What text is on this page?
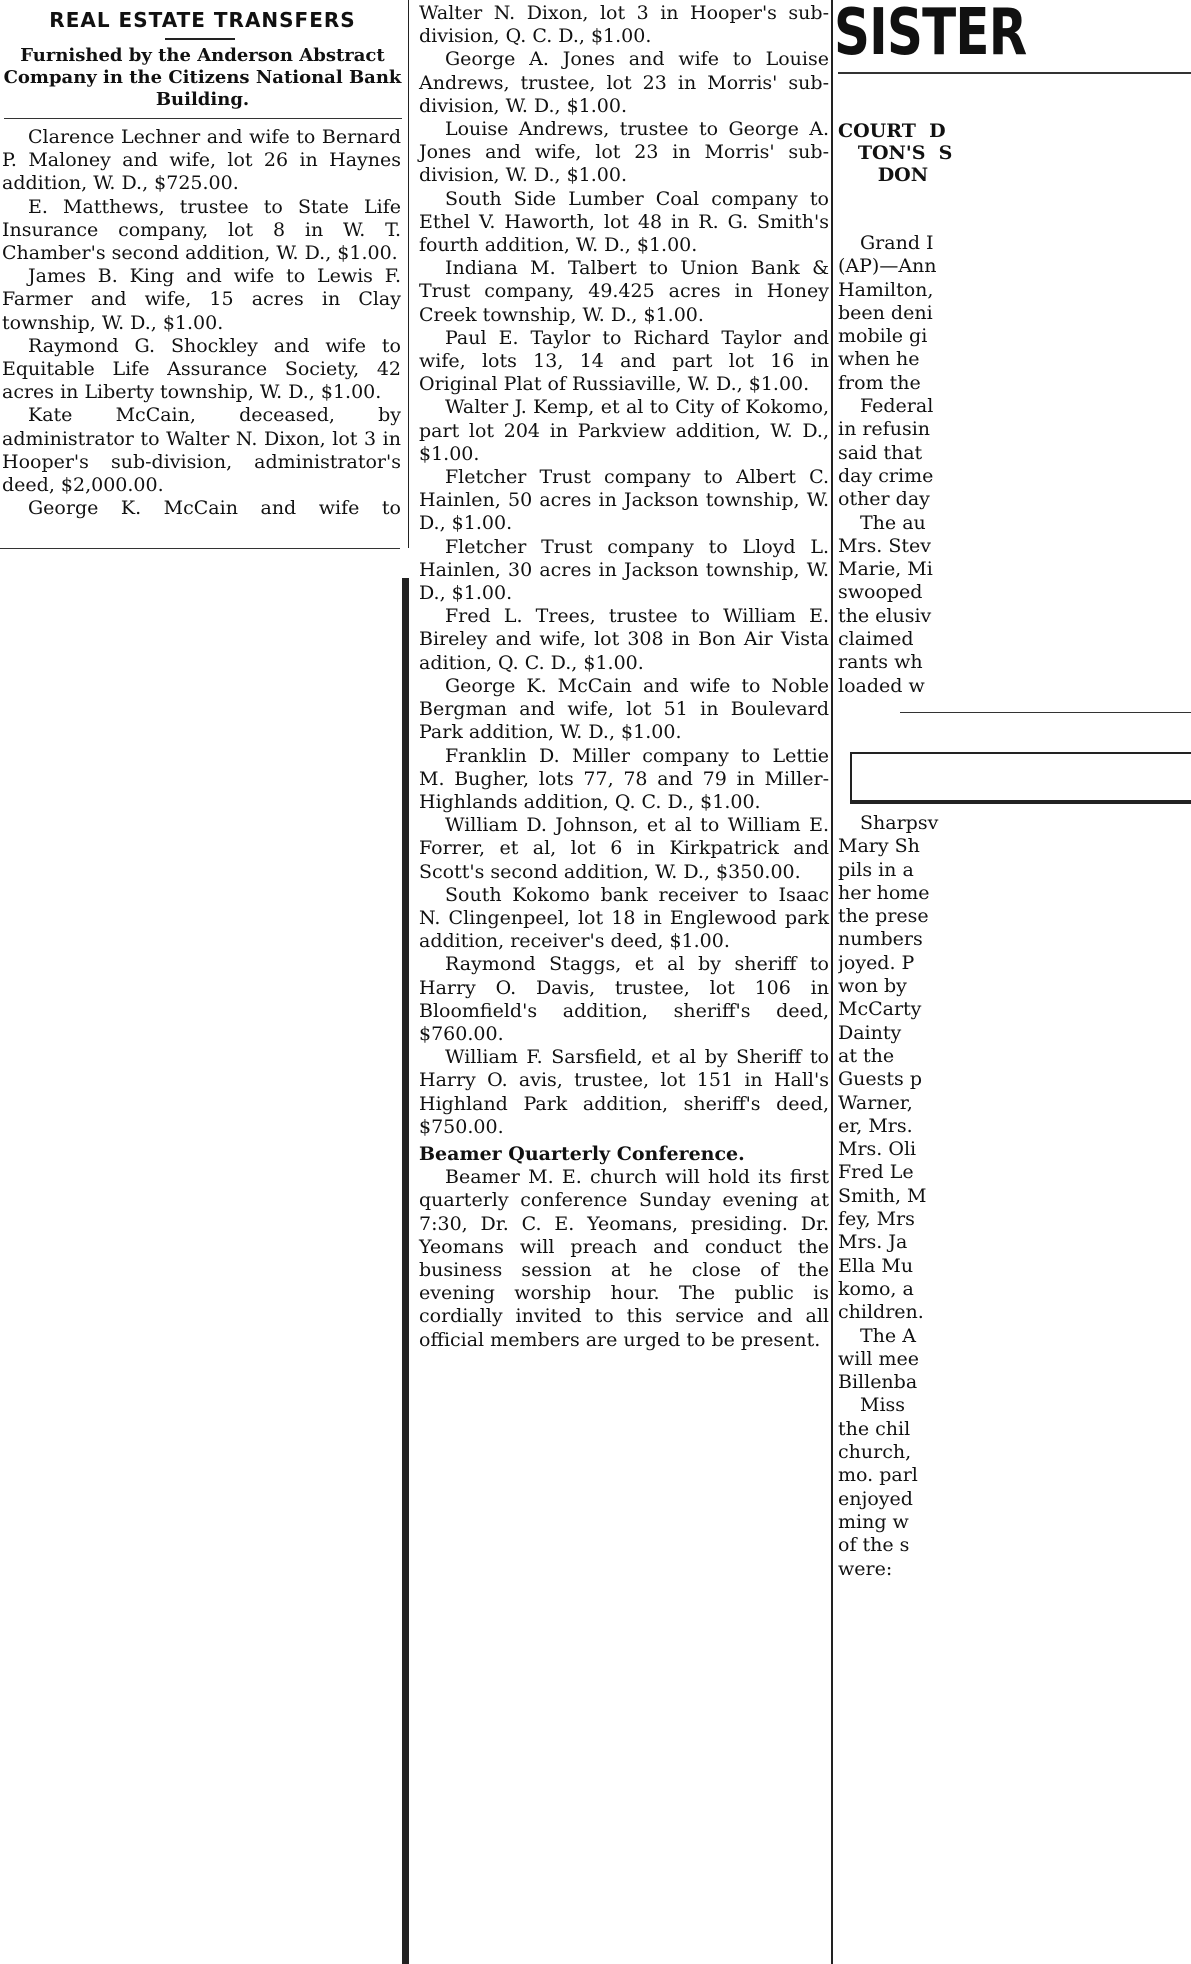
REAL ESTATE TRANSFERS
Furnished by the Anderson Abstract Company in the Citizens National Bank Building.

Clarence Lechner and wife to Bernard P. Maloney and wife, lot 26 in Haynes addition, W. D., $725.00.

E. Matthews, trustee to State Life Insurance company, lot 8 in W. T. Chamber's second addition, W. D., $1.00.

James B. King and wife to Lewis F. Farmer and wife, 15 acres in Clay township, W. D., $1.00.

Raymond G. Shockley and wife to Equitable Life Assurance Society, 42 acres in Liberty township, W. D., $1.00.

Kate McCain, deceased, by administrator to Walter N. Dixon, lot 3 in Hooper's sub-division, administrator's deed, $2,000.00.

George K. McCain and wife to

Walter N. Dixon, lot 3 in Hooper's sub-division, Q. C. D., $1.00.

George A. Jones and wife to Louise Andrews, trustee, lot 23 in Morris' sub-division, W. D., $1.00.

Louise Andrews, trustee to George A. Jones and wife, lot 23 in Morris' sub-division, W. D., $1.00.

South Side Lumber Coal company to Ethel V. Haworth, lot 48 in R. G. Smith's fourth addition, W. D., $1.00.

Indiana M. Talbert to Union Bank & Trust company, 49.425 acres in Honey Creek township, W. D., $1.00.

Paul E. Taylor to Richard Taylor and wife, lots 13, 14 and part lot 16 in Original Plat of Russiaville, W. D., $1.00.

Walter J. Kemp, et al to City of Kokomo, part lot 204 in Parkview addition, W. D., $1.00.

Fletcher Trust company to Albert C. Hainlen, 50 acres in Jackson township, W. D., $1.00.

Fletcher Trust company to Lloyd L. Hainlen, 30 acres in Jackson township, W. D., $1.00.

Fred L. Trees, trustee to William E. Bireley and wife, lot 308 in Bon Air Vista adition, Q. C. D., $1.00.

George K. McCain and wife to Noble Bergman and wife, lot 51 in Boulevard Park addition, W. D., $1.00.

Franklin D. Miller company to Lettie M. Bugher, lots 77, 78 and 79 in Miller-Highlands addition, Q. C. D., $1.00.

William D. Johnson, et al to William E. Forrer, et al, lot 6 in Kirkpatrick and Scott's second addition, W. D., $350.00.

South Kokomo bank receiver to Isaac N. Clingenpeel, lot 18 in Englewood park addition, receiver's deed, $1.00.

Raymond Staggs, et al by sheriff to Harry O. Davis, trustee, lot 106 in Bloomfield's addition, sheriff's deed, $760.00.

William F. Sarsfield, et al by Sheriff to Harry O. avis, trustee, lot 151 in Hall's Highland Park addition, sheriff's deed, $750.00.

Beamer Quarterly Conference.

Beamer M. E. church will hold its first quarterly conference Sunday evening at 7:30, Dr. C. E. Yeomans, presiding. Dr. Yeomans will preach and conduct the business session at he close of the evening worship hour. The public is cordially invited to this service and all official members are urged to be present.

SISTER
COURT  D
TON'S  S
DON
Grand I
(AP)—Ann
Hamilton,
been deni
mobile gi
when he
from the
Federal
in refusin
said that
day crime
other day
The au
Mrs. Stev
Marie, Mi
swooped
the elusiv
claimed
rants wh
loaded w
Sharpsv
Mary Sh
pils in a
her home
the prese
numbers
joyed. P
won by
McCarty
Dainty
at the
Guests p
Warner,
er, Mrs.
Mrs. Oli
Fred Le
Smith, M
fey, Mrs
Mrs. Ja
Ella Mu
komo, a
children.
The A
will mee
Billenba
Miss
the chil
church,
mo. parl
enjoyed
ming w
of the s
were:
